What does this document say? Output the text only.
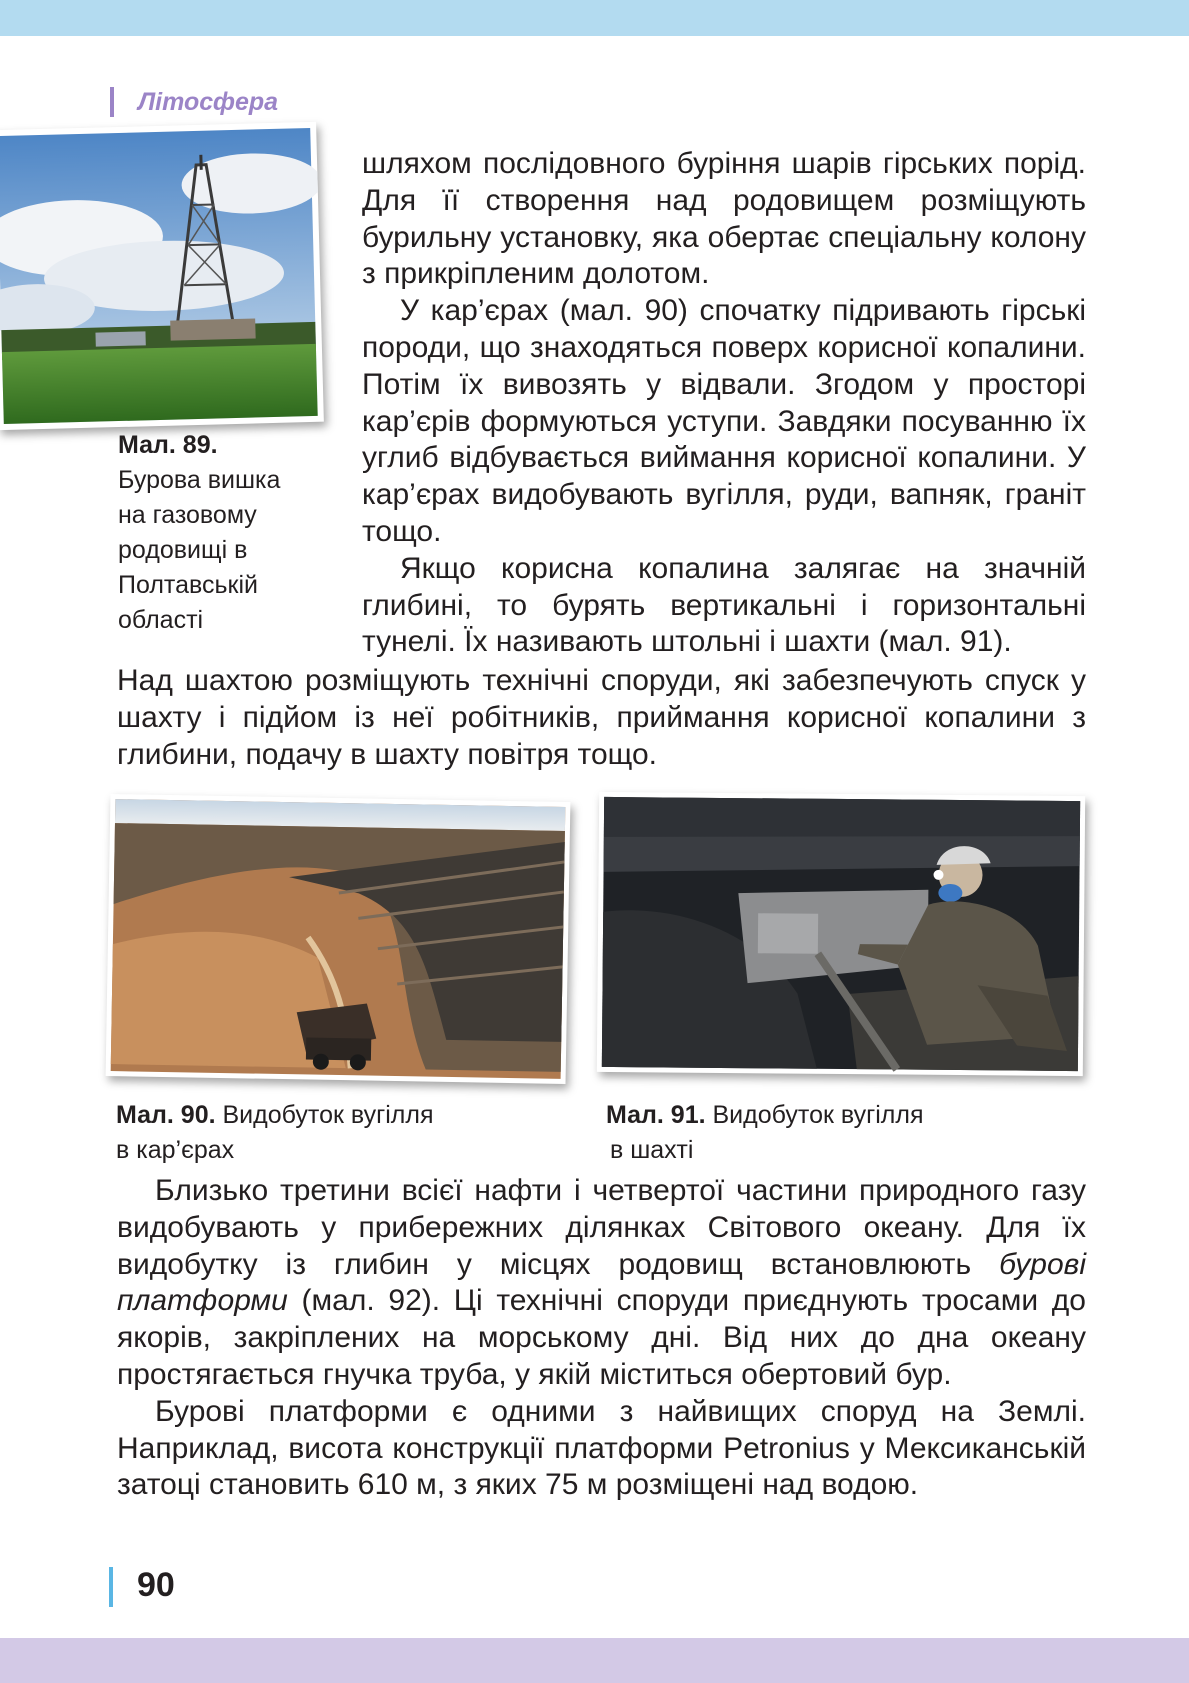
Літосфера
Мал. 89.
Бурова вишка
на газовому
родовищі в
Полтавській
області

шляхом послідовного буріння шарів гірських порід. Для її створення над родовищем розміщують бурильну установку, яка обертає спеціальну колону з прикріпленим долотом.

У кар’єрах (мал. 90) спочатку підривають гірські породи, що знаходяться поверх корисної копалини. Потім їх вивозять у відвали. Згодом у просторі кар’єрів формуються уступи. Завдяки посуванню їх углиб відбувається виймання корисної копалини. У кар’єрах видобувають вугілля, руди, вапняк, граніт тощо.

Якщо корисна копалина залягає на значній глибині, то бурять вертикальні і горизонтальні тунелі. Їх називають штольні і шахти (мал. 91).

Над шахтою розміщують технічні споруди, які забезпечують спуск у шахту і підйом із неї робітників, приймання корисної копалини з глибини, подачу в шахту повітря тощо.

Мал. 90. Видобуток вугілля
в кар’єрах
Мал. 91. Видобуток вугілля
в шахті

Близько третини всієї нафти і четвертої частини природного газу видобувають у прибережних ділянках Світового океану. Для їх видобутку із глибин у місцях родовищ встановлюють бурові платформи (мал. 92). Ці технічні споруди приєднують тросами до якорів, закріплених на морському дні. Від них до дна океану простягається гнучка труба, у якій міститься обертовий бур.

Бурові платформи є одними з найвищих споруд на Землі. Наприклад, висота конструкції платформи Petronius у Мексиканській затоці становить 610 м, з яких 75 м розміщені над водою.

90
